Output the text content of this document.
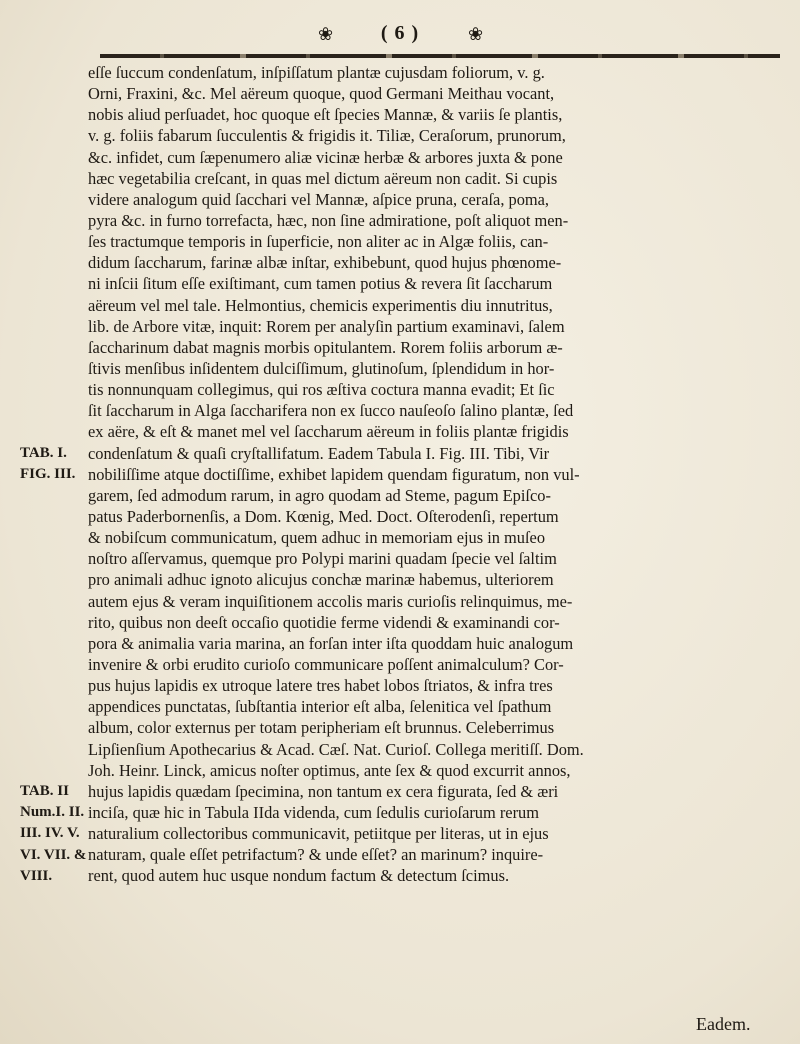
❀	( 6 )	❀
eſſe ſuccum condenſatum, inſpiſſatum plantæ cujusdam foliorum, v. g.
Orni, Fraxini, &c. Mel aëreum quoque, quod Germani Meithau vocant,
nobis aliud perſuadet, hoc quoque eſt ſpecies Mannæ, & variis ſe plantis,
v. g. foliis fabarum ſucculentis & frigidis it. Tiliæ, Ceraſorum, prunorum,
&c. infidet, cum ſæpenumero aliæ vicinæ herbæ & arbores juxta & pone
hæc vegetabilia creſcant, in quas mel dictum aëreum non cadit. Si cupis
videre analogum quid ſacchari vel Mannæ, aſpice pruna, ceraſa, poma,
pyra &c. in furno torrefacta, hæc, non ſine admiratione, poſt aliquot men-
ſes tractumque temporis in ſuperficie, non aliter ac in Algæ foliis, can-
didum ſaccharum, farinæ albæ inſtar, exhibebunt, quod hujus phœnome-
ni inſcii ſitum eſſe exiſtimant, cum tamen potius & revera ſit ſaccharum
aëreum vel mel tale. Helmontius, chemicis experimentis diu innutritus,
lib. de Arbore vitæ, inquit: Rorem per analyſin partium examinavi, ſalem
ſaccharinum dabat magnis morbis opitulantem. Rorem foliis arborum æ-
ſtivis menſibus inſidentem dulciſſimum, glutinoſum, ſplendidum in hor-
tis nonnunquam collegimus, qui ros æſtiva coctura manna evadit; Et ſic
ſit ſaccharum in Alga ſaccharifera non ex ſucco nauſeoſo ſalino plantæ, ſed
ex aëre, & eſt & manet mel vel ſaccharum aëreum in foliis plantæ frigidis
condenſatum & quaſi cryſtallifatum. Eadem Tabula I. Fig. III. Tibi, Vir
nobiliſſime atque doctiſſime, exhibet lapidem quendam figuratum, non vul-
garem, ſed admodum rarum, in agro quodam ad Steme, pagum Epiſco-
patus Paderbornenſis, a Dom. Kœnig, Med. Doct. Oſterodenſi, repertum
& nobiſcum communicatum, quem adhuc in memoriam ejus in muſeo
noſtro aſſervamus, quemque pro Polypi marini quadam ſpecie vel ſaltim
pro animali adhuc ignoto alicujus conchæ marinæ habemus, ulteriorem
autem ejus & veram inquiſitionem accolis maris curioſis relinquimus, me-
rito, quibus non deeſt occaſio quotidie ferme videndi & examinandi cor-
pora & animalia varia marina, an forſan inter iſta quoddam huic analogum
invenire & orbi erudito curioſo communicare poſſent animalculum? Cor-
pus hujus lapidis ex utroque latere tres habet lobos ſtriatos, & infra tres
appendices punctatas, ſubſtantia interior eſt alba, ſelenitica vel ſpathum
album, color externus per totam peripheriam eſt brunnus. Celeberrimus
Lipſienſium Apothecarius & Acad. Cæſ. Nat. Curioſ. Collega meritiſſ. Dom.
Joh. Heinr. Linck, amicus noſter optimus, ante ſex & quod excurrit annos,
hujus lapidis quædam ſpecimina, non tantum ex cera figurata, ſed & æri
inciſa, quæ hic in Tabula IIda videnda, cum ſedulis curioſarum rerum
naturalium collectoribus communicavit, petiitque per literas, ut in ejus
naturam, quale eſſet petrifactum? & unde eſſet? an marinum? inquire-
rent, quod autem huc usque nondum factum & detectum ſcimus.
TAB. I.
FIG. III.
TAB. II
Num.I. II.
III. IV. V.
VI. VII. &
VIII.
Eadem.
